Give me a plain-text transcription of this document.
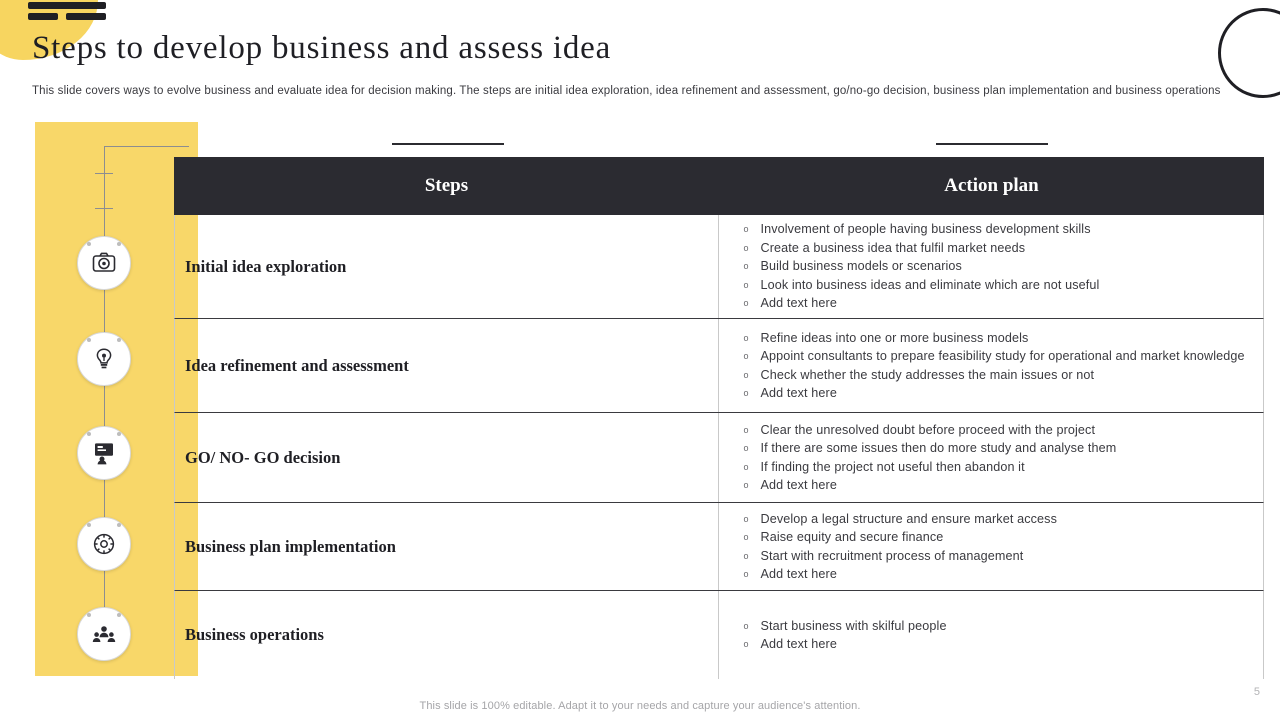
Steps to develop business and assess idea
This slide covers ways to evolve business and evaluate idea for decision making. The steps are initial idea exploration, idea refinement and assessment, go/no-go decision, business plan implementation and business operations
Steps	Action plan
Initial idea exploration
o Involvement of people having business development skills
o Create a business idea that fulfil market needs
o Build business models or scenarios
o Look into business ideas and eliminate which are not useful
o Add text here
Idea refinement and assessment
o Refine ideas into one or more business models
o Appoint consultants to prepare feasibility study for operational and market knowledge
o Check whether the study addresses the main issues or not
o Add text here
GO/ NO- GO decision
o Clear the unresolved doubt before proceed with the project
o If there are some issues then do more study and analyse them
o If finding the project not useful then abandon it
o Add text here
Business plan implementation
o Develop a legal structure and ensure market access
o Raise equity and secure finance
o Start with recruitment process of management
o Add text here
Business operations	o Start business with skilful people
o Add text here
This slide is 100% editable. Adapt it to your needs and capture your audience's attention.
5
